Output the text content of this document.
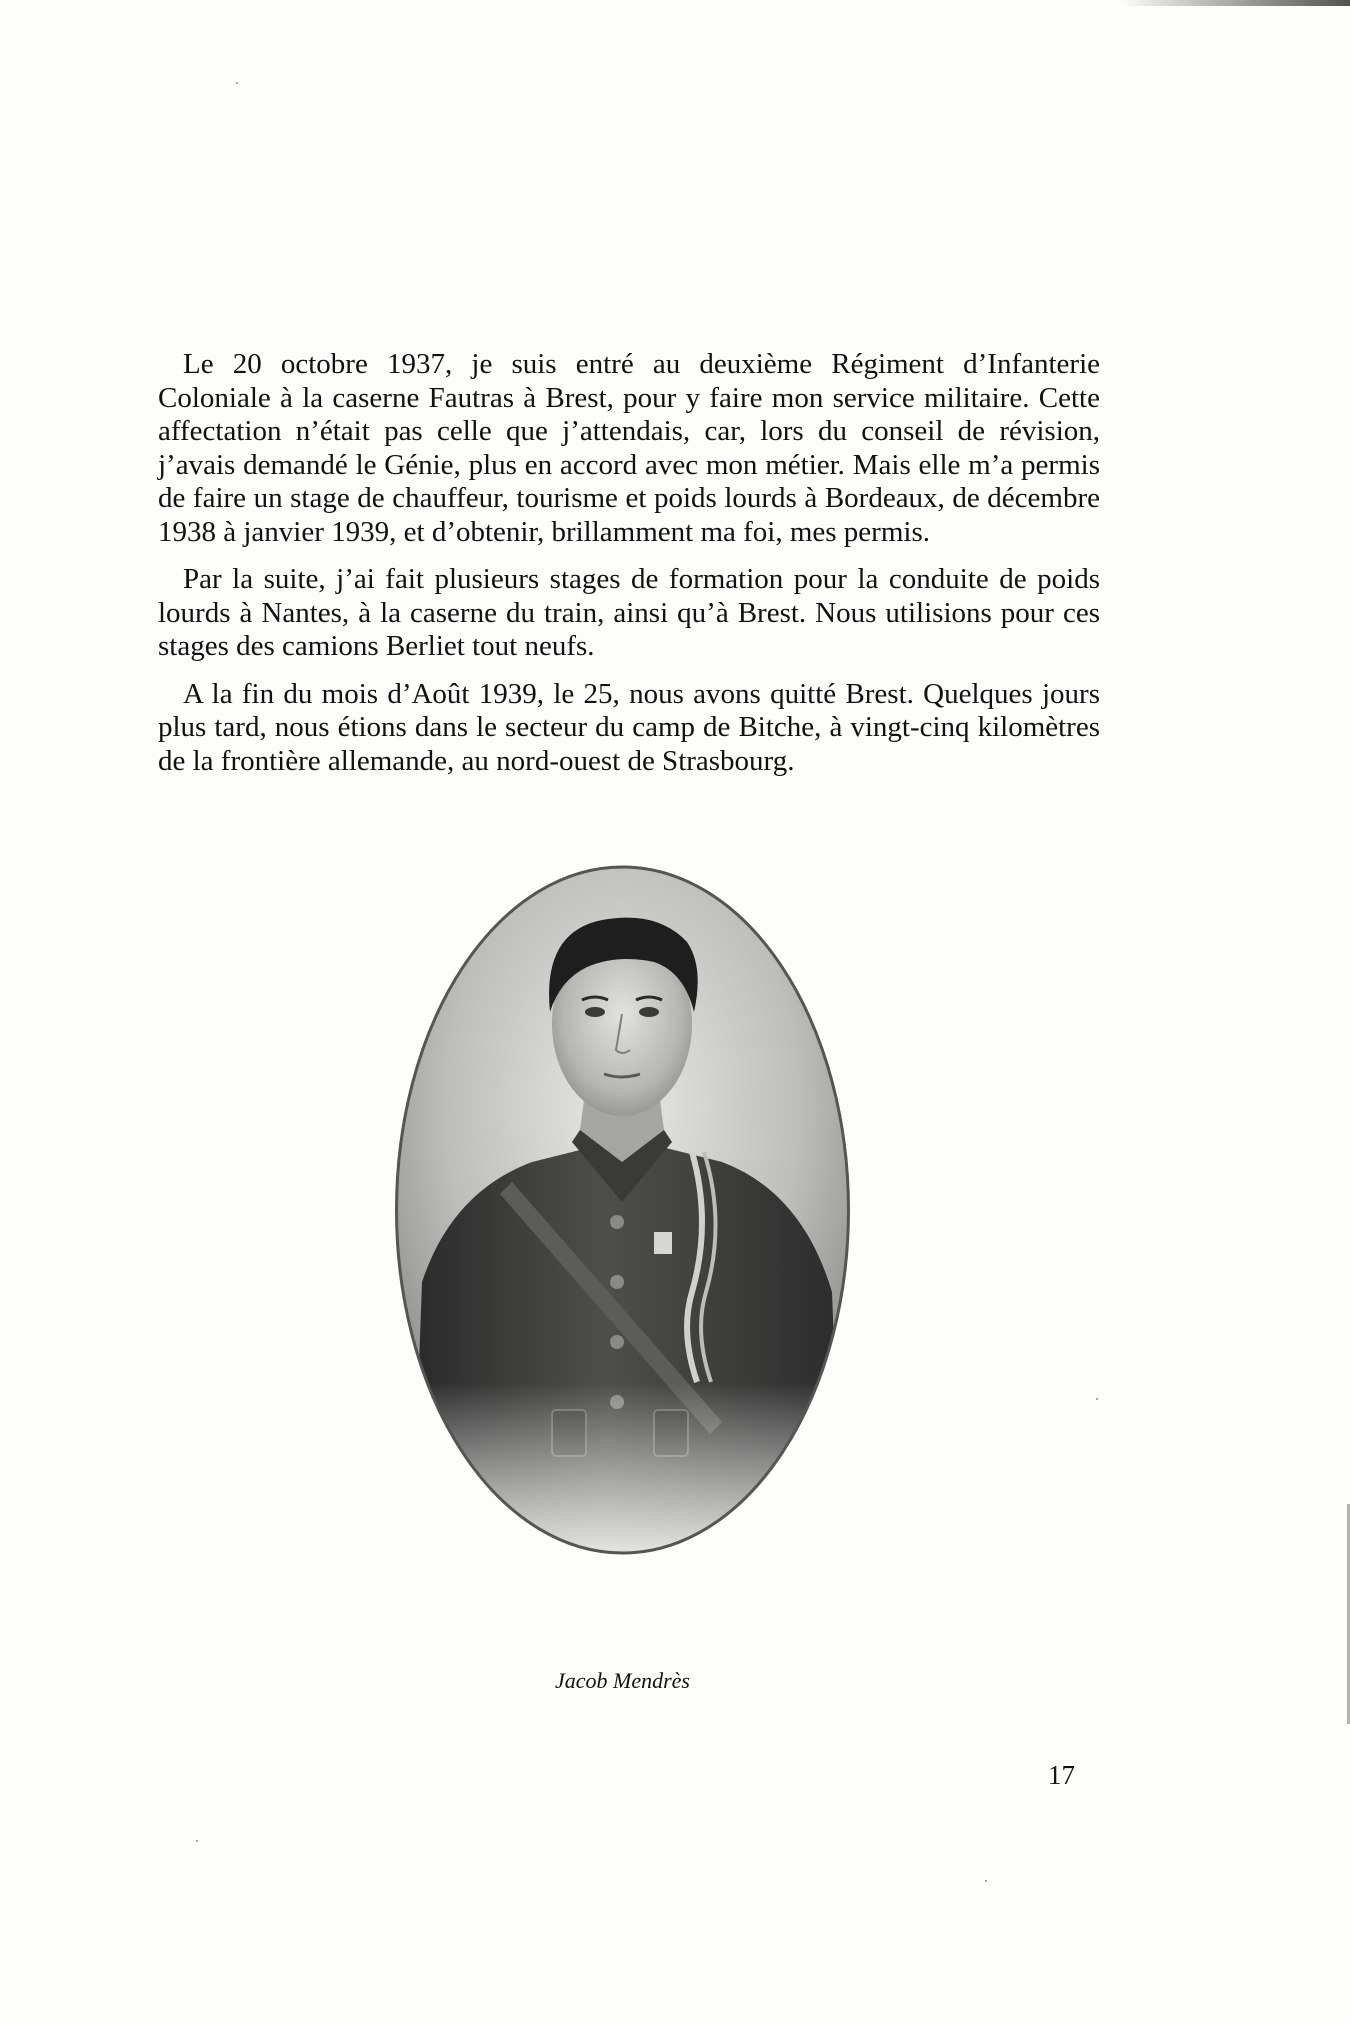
Le 20 octobre 1937, je suis entré au deuxième Régiment d’Infanterie Coloniale à la caserne Fautras à Brest, pour y faire mon service militaire. Cette affectation n’était pas celle que j’attendais, car, lors du conseil de révision, j’avais demandé le Génie, plus en accord avec mon métier. Mais elle m’a permis de faire un stage de chauffeur, tourisme et poids lourds à Bordeaux, de décembre 1938 à janvier 1939, et d’obtenir, brillamment ma foi, mes permis.

Par la suite, j’ai fait plusieurs stages de formation pour la conduite de poids lourds à Nantes, à la caserne du train, ainsi qu’à Brest. Nous utilisions pour ces stages des camions Berliet tout neufs.

A la fin du mois d’Août 1939, le 25, nous avons quitté Brest. Quelques jours plus tard, nous étions dans le secteur du camp de Bitche, à vingt-cinq kilomètres de la frontière allemande, au nord-ouest de Strasbourg.

Jacob Mendrès
17
